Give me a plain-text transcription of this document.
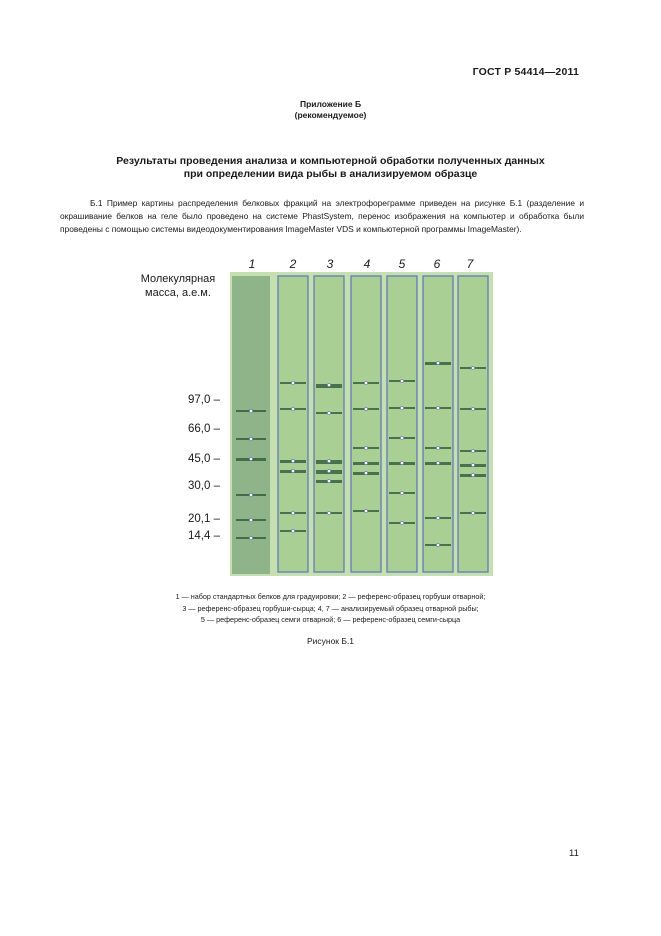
ГОСТ Р 54414—2011
Приложение Б
(рекомендуемое)
Результаты проведения анализа и компьютерной обработки полученных данных
при определении вида рыбы в анализируемом образце
Б.1 Пример картины распределения белковых фракций на электрофореграмме приведен на рисунке Б.1 (разделение и окрашивание белков на геле было проведено на системе PhastSystem, перенос изображения на компьютер и обработка были проведены с помощью системы видеодокументирования ImageMaster VDS и компьютерной программы ImageMaster).
Молекулярная
масса, а.е.м.
1	2	3	4	5	6	7
97,0 –
66,0 –
45,0 –
30,0 –
20,1 –
14,4 –
1 — набор стандартных белков для градуировки; 2 — референс-образец горбуши отварной;
3 — референс-образец горбуши-сырца; 4, 7 — анализируемый образец отварной рыбы;
5 — референс-образец семги отварной; 6 — референс-образец семги-сырца
Рисунок Б.1
11
